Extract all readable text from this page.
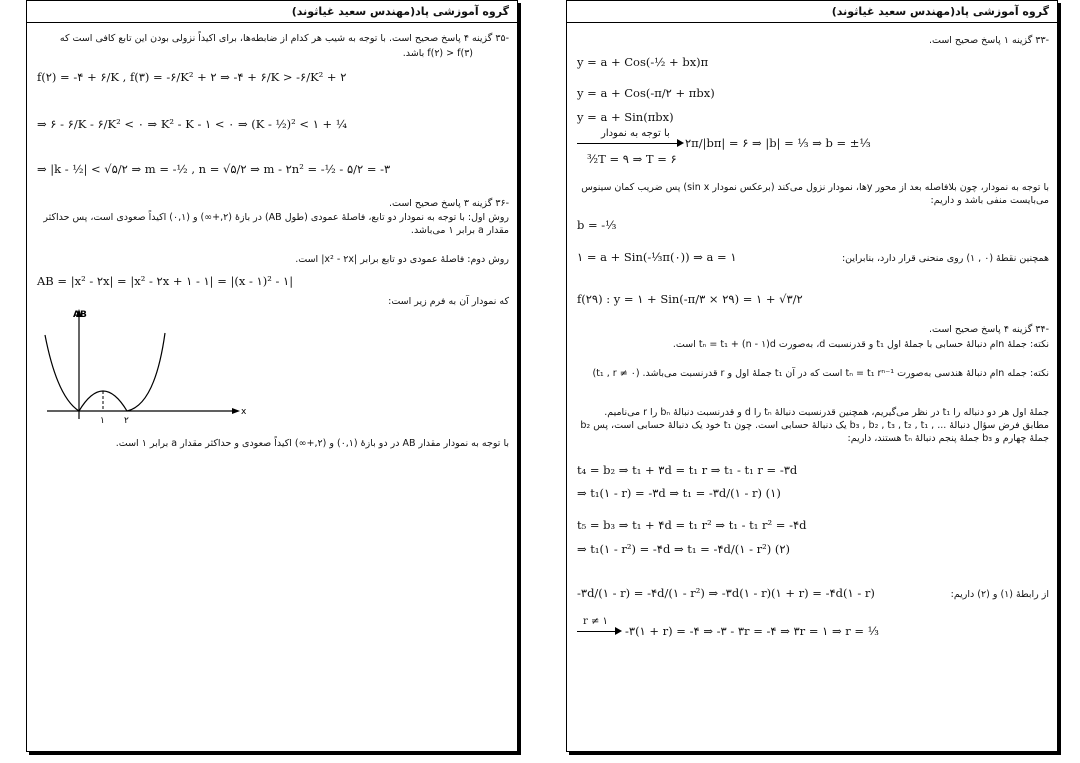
گروه آموزشی پاد(مهندس سعید غیاثوند)
-۳۵ گزینه ۴ پاسخ صحیح است. با توجه به شیب هر کدام از ضابطه‌ها، برای اکیداً نزولی بودن این تابع کافی است که
f(۲) > f(۳) باشد.
f(۲) = -۴ + ۶/K , f(۳) = -۶/K² + ۲ ⇒ -۴ + ۶/K > -۶/K² + ۲
⇒ ۶ - ۶/K - ۶/K² < ۰ ⇒ K² - K - ۱ < ۰ ⇒ (K - ½)² < ۱ + ¼
⇒ |k - ½| < √۵/۲ ⇒ m = -½ , n = √۵/۲ ⇒ m - ۲n² = -½ - ۵/۲ = -۳
-۳۶ گزینه ۳ پاسخ صحیح است.
روش اول: با توجه به نمودار دو تابع، فاصلهٔ عمودی (طول AB) در بازهٔ (۲,+∞) و (۰,۱) اکیداً صعودی است، پس حداکثر مقدار a برابر ۱ می‌باشد.
روش دوم: فاصلهٔ عمودی دو تابع برابر |x² - ۲x| است.
AB = |x² - ۲x| = |x² - ۲x + ۱ - ۱| = |(x - ۱)² - ۱|
که نمودار آن به فرم زیر است:
AB
x
۱ ۲
با توجه به نمودار مقدار AB در دو بازهٔ (۰,۱) و (۲,+∞) اکیداً صعودی و حداکثر مقدار a برابر ۱ است.
گروه آموزشی پاد(مهندس سعید غیاثوند)
-۳۳ گزینه ۱ پاسخ صحیح است.
y = a + Cos(-½ + bx)π
y = a + Cos(-π/۲ + πbx)
y = a + Sin(πbx)
با توجه به نمودار
۲π/|bπ| = ۶ ⇒ |b| = ⅓ ⇒ b = ±⅓
³⁄₂T = ۹ ⇒ T = ۶
با توجه به نمودار، چون بلافاصله بعد از محور yها، نمودار نزول می‌کند (برعکس نمودار sin x) پس ضریب کمان سینوس می‌بایست منفی باشد و داریم:
b = -⅓
همچنین نقطهٔ (۰ , ۱) روی منحنی قرار دارد، بنابراین:
۱ = a + Sin(-⅓π(۰)) ⇒ a = ۱
f(۲۹) : y = ۱ + Sin(-π/۳ × ۲۹) = ۱ + √۳/۲
-۳۴ گزینه ۴ پاسخ صحیح است.
نکته: جملهٔ nام دنبالهٔ حسابی با جملهٔ اول t₁ و قدرنسبت d، به‌صورت tₙ = t₁ + (n - ۱)d است.
نکته: جمله nام دنبالهٔ هندسی به‌صورت tₙ = t₁ rⁿ⁻¹ است که در آن t₁ جملهٔ اول و r قدرنسبت می‌باشد. (t₁ , r ≠ ۰)
جملهٔ اول هر دو دنباله را t₁ در نظر می‌گیریم، همچنین قدرنسبت دنبالهٔ tₙ را d و قدرنسبت دنبالهٔ bₙ را r می‌نامیم. مطابق فرض سؤال دنبالهٔ ... , b₃ , b₂ , t₃ , t₂ , t₁ یک دنبالهٔ حسابی است. چون t₁ خود یک دنبالهٔ حسابی است، پس b₂ جملهٔ چهارم و b₃ جملهٔ پنجم دنبالهٔ tₙ هستند، داریم:
t₄ = b₂ ⇒ t₁ + ۳d = t₁ r ⇒ t₁ - t₁ r = -۳d
⇒ t₁(۱ - r) = -۳d ⇒ t₁ = -۳d/(۱ - r) (۱)
t₅ = b₃ ⇒ t₁ + ۴d = t₁ r² ⇒ t₁ - t₁ r² = -۴d
⇒ t₁(۱ - r²) = -۴d ⇒ t₁ = -۴d/(۱ - r²) (۲)
از رابطهٔ (۱) و (۲) داریم:
-۳d/(۱ - r) = -۴d/(۱ - r²) ⇒ -۳d(۱ - r)(۱ + r) = -۴d(۱ - r)
r ≠ ۱
-۳(۱ + r) = -۴ ⇒ -۳ - ۳r = -۴ ⇒ ۳r = ۱ ⇒ r = ⅓
